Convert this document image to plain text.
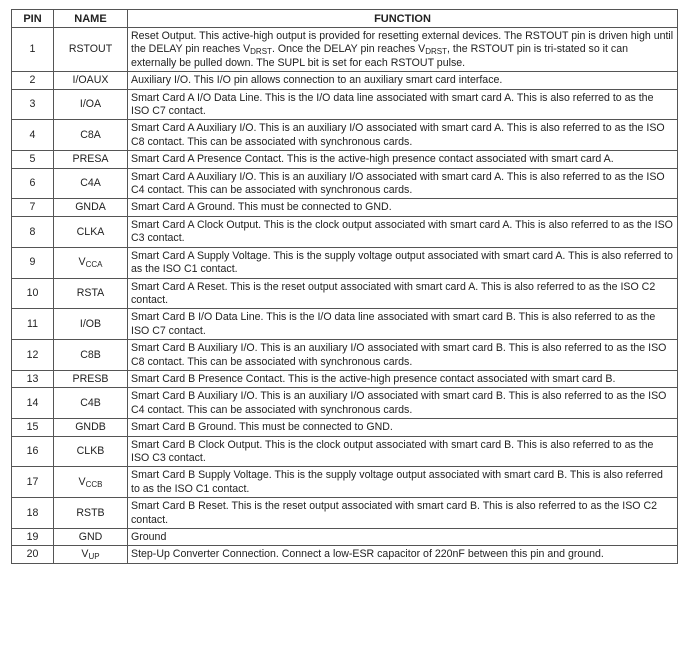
PIN	NAME	FUNCTION
1	RSTOUT	Reset Output. This active-high output is provided for resetting external devices. The RSTOUT pin is driven high until the DELAY pin reaches $V_{DRST}$. Once the DELAY pin reaches $V_{DRST}$, the RSTOUT pin is tri-stated so it can externally be pulled down. The SUPL bit is set for each RSTOUT pulse.
2	I/OAUX	Auxiliary I/O. This I/O pin allows connection to an auxiliary smart card interface.
3	I/OA	Smart Card A I/O Data Line. This is the I/O data line associated with smart card A. This is also referred to as the ISO C7 contact.
4	C8A	Smart Card A Auxiliary I/O. This is an auxiliary I/O associated with smart card A. This is also referred to as the ISO C8 contact. This can be associated with synchronous cards.
5	PRESA	Smart Card A Presence Contact. This is the active-high presence contact associated with smart card A.
6	C4A	Smart Card A Auxiliary I/O. This is an auxiliary I/O associated with smart card A. This is also referred to as the ISO C4 contact. This can be associated with synchronous cards.
7	GNDA	Smart Card A Ground. This must be connected to GND.
8	CLKA	Smart Card A Clock Output. This is the clock output associated with smart card A. This is also referred to as the ISO C3 contact.
9	$V_{CCA}$	Smart Card A Supply Voltage. This is the supply voltage output associated with smart card A. This is also referred to as the ISO C1 contact.
10	RSTA	Smart Card A Reset. This is the reset output associated with smart card A. This is also referred to as the ISO C2 contact.
11	I/OB	Smart Card B I/O Data Line. This is the I/O data line associated with smart card B. This is also referred to as the ISO C7 contact.
12	C8B	Smart Card B Auxiliary I/O. This is an auxiliary I/O associated with smart card B. This is also referred to as the ISO C8 contact. This can be associated with synchronous cards.
13	PRESB	Smart Card B Presence Contact. This is the active-high presence contact associated with smart card B.
14	C4B	Smart Card B Auxiliary I/O. This is an auxiliary I/O associated with smart card B. This is also referred to as the ISO C4 contact. This can be associated with synchronous cards.
15	GNDB	Smart Card B Ground. This must be connected to GND.
16	CLKB	Smart Card B Clock Output. This is the clock output associated with smart card B. This is also referred to as the ISO C3 contact.
17	$V_{CCB}$	Smart Card B Supply Voltage. This is the supply voltage output associated with smart card B. This is also referred to as the ISO C1 contact.
18	RSTB	Smart Card B Reset. This is the reset output associated with smart card B. This is also referred to as the ISO C2 contact.
19	GND	Ground
20	$V_{UP}$	Step-Up Converter Connection. Connect a low-ESR capacitor of 220nF between this pin and ground.
